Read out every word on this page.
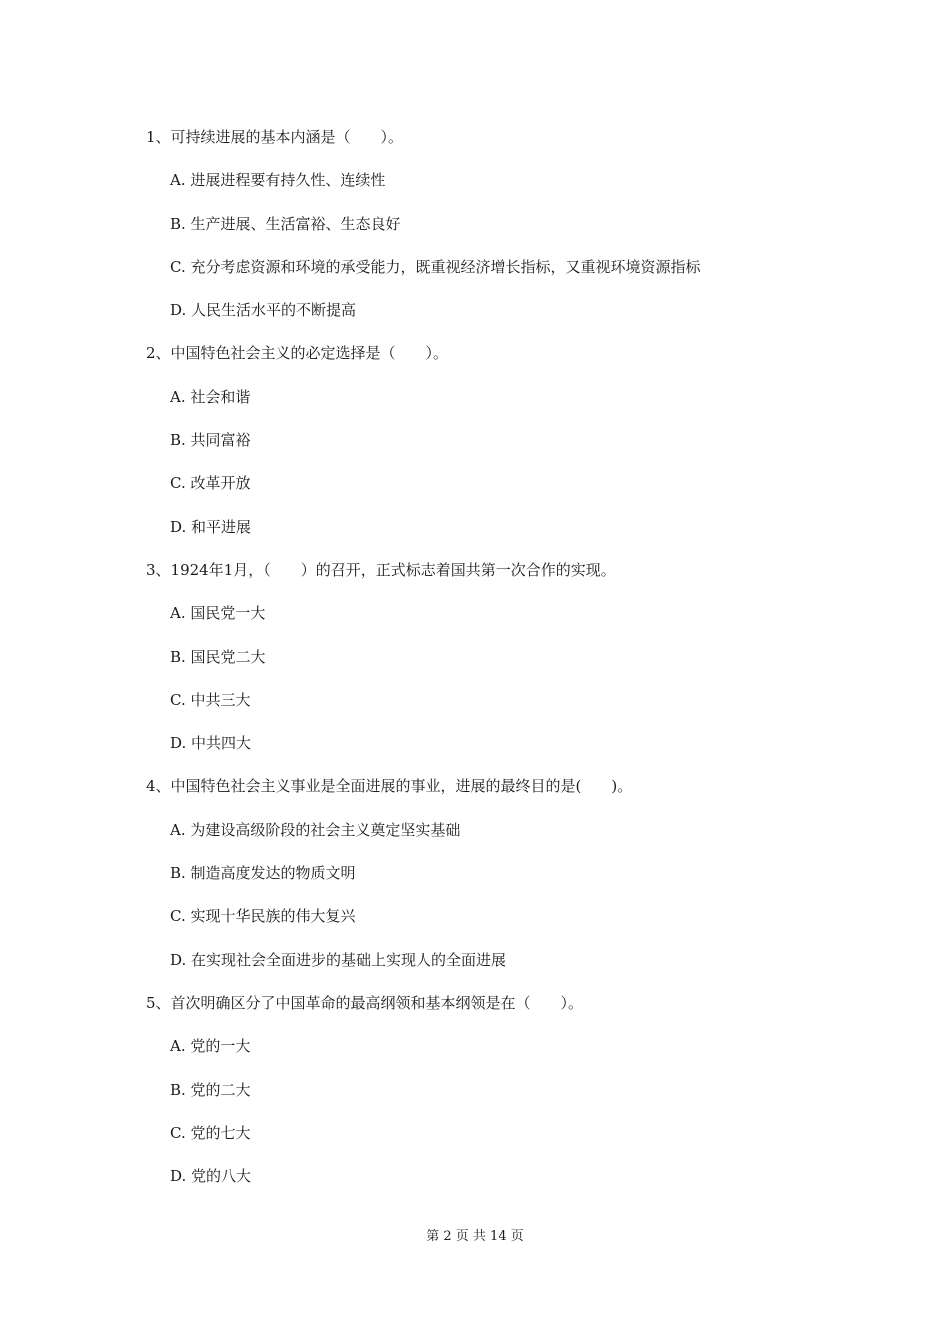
1、可持续进展的基本内涵是（　　）。
A. 进展进程要有持久性、连续性
B. 生产进展、生活富裕、生态良好
C. 充分考虑资源和环境的承受能力，既重视经济增长指标，又重视环境资源指标
D. 人民生活水平的不断提高
2、中国特色社会主义的必定选择是（　　）。
A. 社会和谐
B. 共同富裕
C. 改革开放
D. 和平进展
3、1924年1月，（　　）的召开，正式标志着国共第一次合作的实现。
A. 国民党一大
B. 国民党二大
C. 中共三大
D. 中共四大
4、中国特色社会主义事业是全面进展的事业，进展的最终目的是(　　)。
A. 为建设高级阶段的社会主义奠定坚实基础
B. 制造高度发达的物质文明
C. 实现十华民族的伟大复兴
D. 在实现社会全面进步的基础上实现人的全面进展
5、首次明确区分了中国革命的最高纲领和基本纲领是在（　　）。
A. 党的一大
B. 党的二大
C. 党的七大
D. 党的八大
第 2 页 共 14 页
